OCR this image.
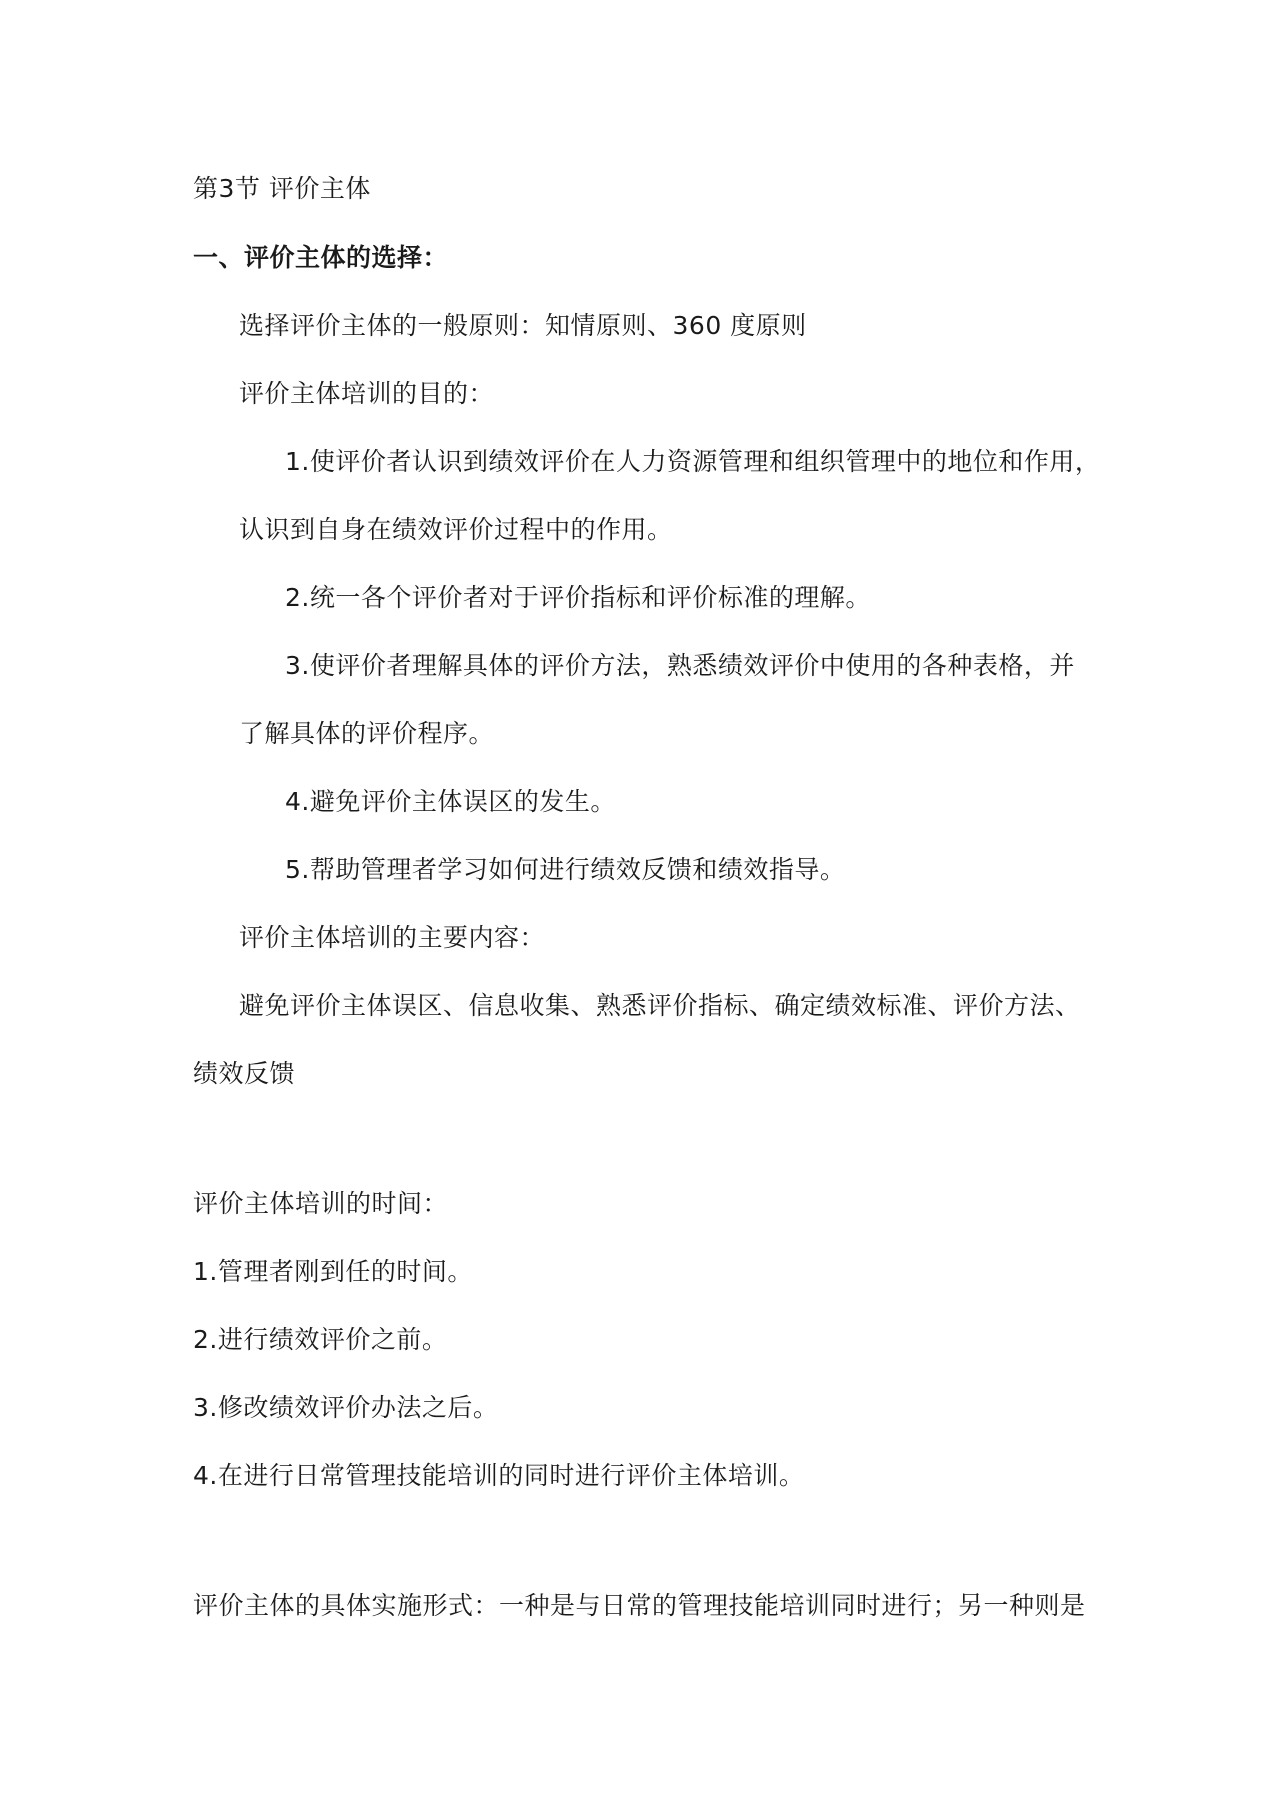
第3节 评价主体
一、评价主体的选择：
选择评价主体的一般原则：知情原则、360 度原则
评价主体培训的目的：
1.使评价者认识到绩效评价在人力资源管理和组织管理中的地位和作用，
认识到自身在绩效评价过程中的作用。
2.统一各个评价者对于评价指标和评价标准的理解。
3.使评价者理解具体的评价方法，熟悉绩效评价中使用的各种表格，并
了解具体的评价程序。
4.避免评价主体误区的发生。
5.帮助管理者学习如何进行绩效反馈和绩效指导。
评价主体培训的主要内容：
避免评价主体误区、信息收集、熟悉评价指标、确定绩效标准、评价方法、
绩效反馈
评价主体培训的时间：
1.管理者刚到任的时间。
2.进行绩效评价之前。
3.修改绩效评价办法之后。
4.在进行日常管理技能培训的同时进行评价主体培训。
评价主体的具体实施形式：一种是与日常的管理技能培训同时进行；另一种则是
